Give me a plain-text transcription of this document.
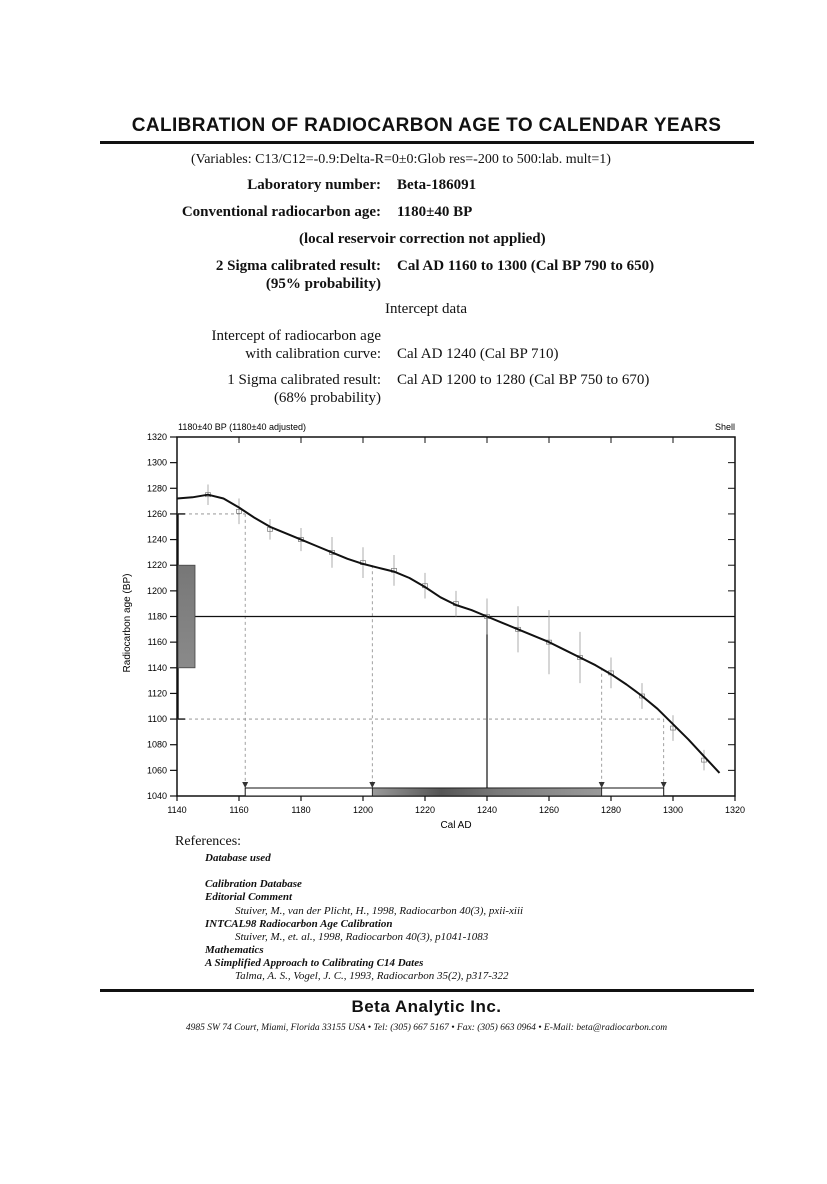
CALIBRATION OF RADIOCARBON AGE TO CALENDAR YEARS
(Variables: C13/C12=-0.9:Delta-R=0±0:Glob res=-200 to 500:lab. mult=1)
Laboratory number: Beta-186091
Conventional radiocarbon age: 1180±40 BP
(local reservoir correction not applied)
2 Sigma calibrated result:
(95% probability)
Cal AD 1160 to 1300 (Cal BP 790 to 650)
Intercept data
Intercept of radiocarbon age
with calibration curve: Cal AD 1240 (Cal BP 710)
1 Sigma calibrated result:
(68% probability)
Cal AD 1200 to 1280 (Cal BP 750 to 670)
1180±40 BP (1180±40 adjusted)	Shell
Cal AD
Radiocarbon age (BP)
1040
1060
1080
1100
1120
1140
1160
1180
1200
1220
1240
1260
1280
1300
1320
1140	1160	1180	1200	1220	1240	1260	1280	1300	1320
References:
Database used
Calibration Database
Editorial Comment
Stuiver, M., van der Plicht, H., 1998, Radiocarbon 40(3), pxii-xiii
INTCAL98 Radiocarbon Age Calibration
Stuiver, M., et. al., 1998, Radiocarbon 40(3), p1041-1083
Mathematics
A Simplified Approach to Calibrating C14 Dates
Talma, A. S., Vogel, J. C., 1993, Radiocarbon 35(2), p317-322
Beta Analytic Inc.
4985 SW 74 Court, Miami, Florida 33155 USA • Tel: (305) 667 5167 • Fax: (305) 663 0964 • E-Mail: beta@radiocarbon.com
